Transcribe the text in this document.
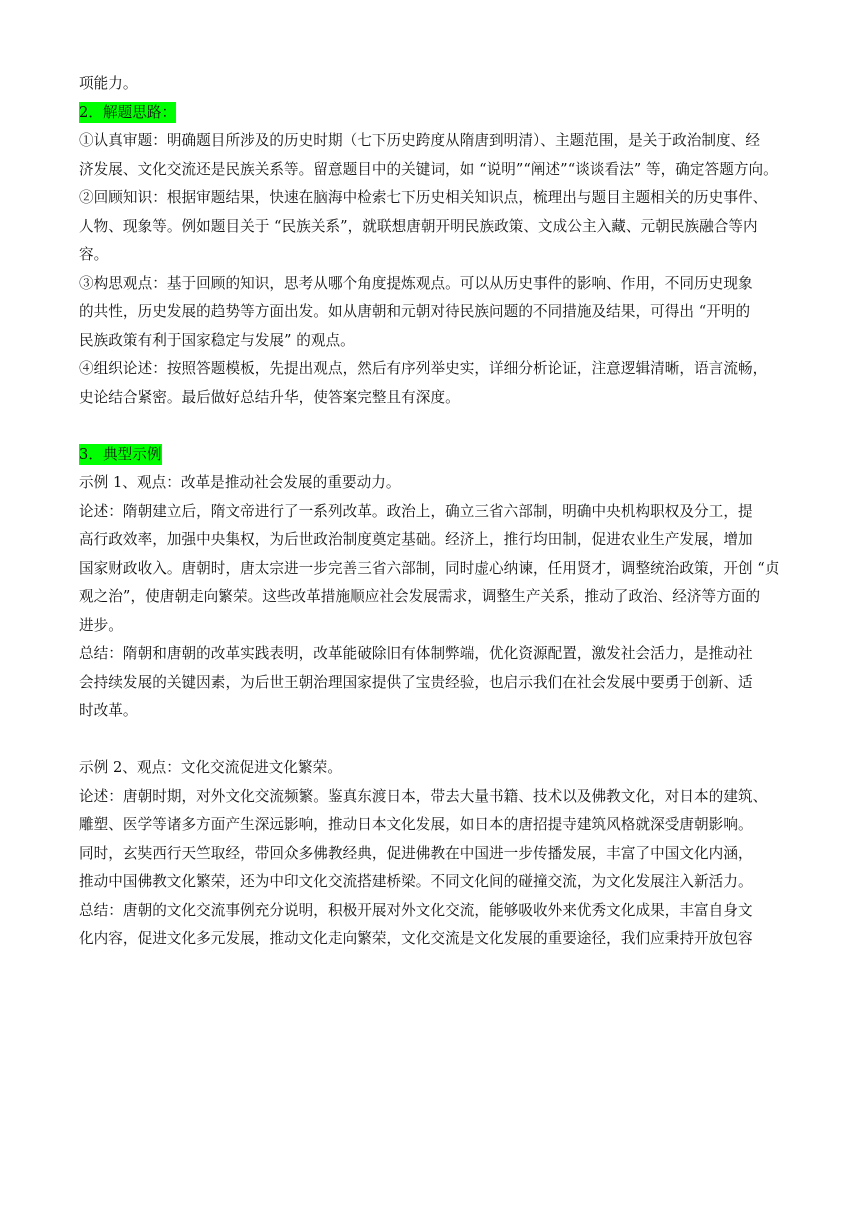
项能力。
2．解题思路：
①认真审题：明确题目所涉及的历史时期（七下历史跨度从隋唐到明清）、主题范围，是关于政治制度、经
济发展、文化交流还是民族关系等。留意题目中的关键词，如 “说明”“阐述”“谈谈看法” 等，确定答题方向。
②回顾知识：根据审题结果，快速在脑海中检索七下历史相关知识点，梳理出与题目主题相关的历史事件、
人物、现象等。例如题目关于 “民族关系”，就联想唐朝开明民族政策、文成公主入藏、元朝民族融合等内
容。
③构思观点：基于回顾的知识，思考从哪个角度提炼观点。可以从历史事件的影响、作用，不同历史现象
的共性，历史发展的趋势等方面出发。如从唐朝和元朝对待民族问题的不同措施及结果，可得出 “开明的
民族政策有利于国家稳定与发展” 的观点。
④组织论述：按照答题模板，先提出观点，然后有序列举史实，详细分析论证，注意逻辑清晰，语言流畅，
史论结合紧密。最后做好总结升华，使答案完整且有深度。
3．典型示例
示例 1、观点：改革是推动社会发展的重要动力。
论述：隋朝建立后，隋文帝进行了一系列改革。政治上，确立三省六部制，明确中央机构职权及分工，提
高行政效率，加强中央集权，为后世政治制度奠定基础。经济上，推行均田制，促进农业生产发展，增加
国家财政收入。唐朝时，唐太宗进一步完善三省六部制，同时虚心纳谏，任用贤才，调整统治政策，开创 “贞
观之治”，使唐朝走向繁荣。这些改革措施顺应社会发展需求，调整生产关系，推动了政治、经济等方面的
进步。
总结：隋朝和唐朝的改革实践表明，改革能破除旧有体制弊端，优化资源配置，激发社会活力，是推动社
会持续发展的关键因素，为后世王朝治理国家提供了宝贵经验，也启示我们在社会发展中要勇于创新、适
时改革。
示例 2、观点：文化交流促进文化繁荣。
论述：唐朝时期，对外文化交流频繁。鉴真东渡日本，带去大量书籍、技术以及佛教文化，对日本的建筑、
雕塑、医学等诸多方面产生深远影响，推动日本文化发展，如日本的唐招提寺建筑风格就深受唐朝影响。
同时，玄奘西行天竺取经，带回众多佛教经典，促进佛教在中国进一步传播发展，丰富了中国文化内涵，
推动中国佛教文化繁荣，还为中印文化交流搭建桥梁。不同文化间的碰撞交流，为文化发展注入新活力。
总结：唐朝的文化交流事例充分说明，积极开展对外文化交流，能够吸收外来优秀文化成果，丰富自身文
化内容，促进文化多元发展，推动文化走向繁荣，文化交流是文化发展的重要途径，我们应秉持开放包容
